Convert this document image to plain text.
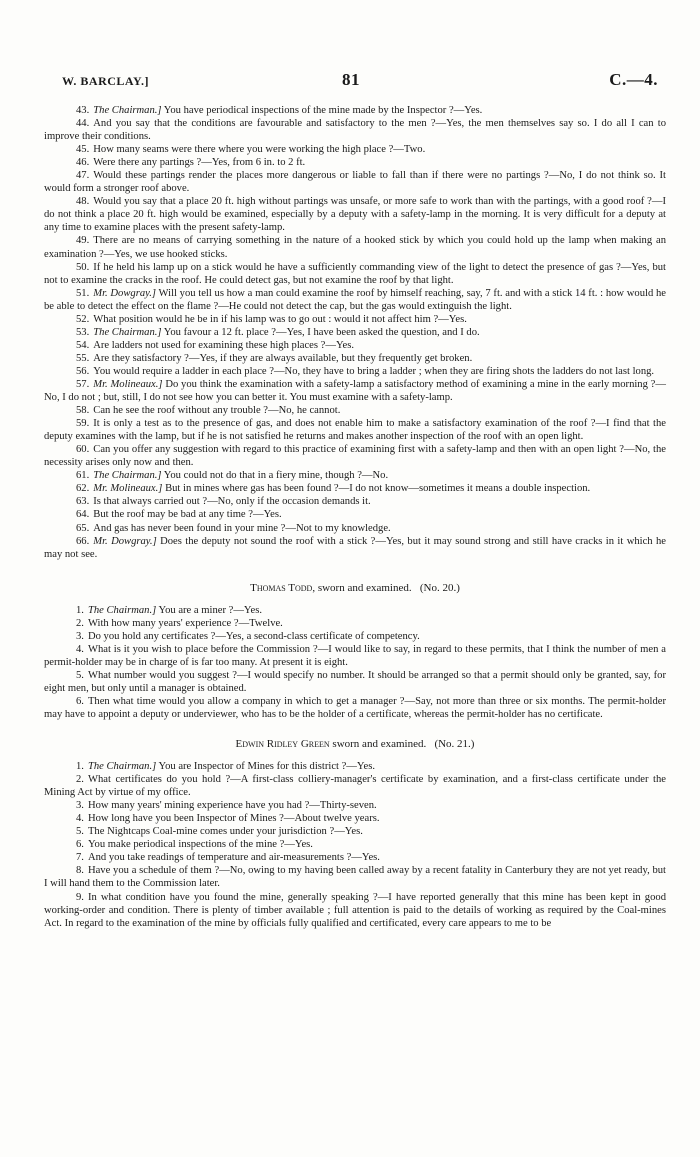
W. BARCLAY.]	81	C.—4.

43. The Chairman.] You have periodical inspections of the mine made by the Inspector ?—Yes.

44. And you say that the conditions are favourable and satisfactory to the men ?—Yes, the men themselves say so. I do all I can to improve their conditions.

45. How many seams were there where you were working the high place ?—Two.

46. Were there any partings ?—Yes, from 6 in. to 2 ft.

47. Would these partings render the places more dangerous or liable to fall than if there were no partings ?—No, I do not think so. It would form a stronger roof above.

48. Would you say that a place 20 ft. high without partings was unsafe, or more safe to work than with the partings, with a good roof ?—I do not think a place 20 ft. high would be examined, especially by a deputy with a safety-lamp in the morning. It is very difficult for a deputy at any time to examine places with the present safety-lamp.

49. There are no means of carrying something in the nature of a hooked stick by which you could hold up the lamp when making an examination ?—Yes, we use hooked sticks.

50. If he held his lamp up on a stick would he have a sufficiently commanding view of the light to detect the presence of gas ?—Yes, but not to examine the cracks in the roof. He could detect gas, but not examine the roof by that light.

51. Mr. Dowgray.] Will you tell us how a man could examine the roof by himself reaching, say, 7 ft. and with a stick 14 ft. : how would he be able to detect the effect on the flame ?—He could not detect the cap, but the gas would extinguish the light.

52. What position would he be in if his lamp was to go out : would it not affect him ?—Yes.

53. The Chairman.] You favour a 12 ft. place ?—Yes, I have been asked the question, and I do.

54. Are ladders not used for examining these high places ?—Yes.

55. Are they satisfactory ?—Yes, if they are always available, but they frequently get broken.

56. You would require a ladder in each place ?—No, they have to bring a ladder ; when they are firing shots the ladders do not last long.

57. Mr. Molineaux.] Do you think the examination with a safety-lamp a satisfactory method of examining a mine in the early morning ?—No, I do not ; but, still, I do not see how you can better it. You must examine with a safety-lamp.

58. Can he see the roof without any trouble ?—No, he cannot.

59. It is only a test as to the presence of gas, and does not enable him to make a satisfactory examination of the roof ?—I find that the deputy examines with the lamp, but if he is not satisfied he returns and makes another inspection of the roof with an open light.

60. Can you offer any suggestion with regard to this practice of examining first with a safety-lamp and then with an open light ?—No, the necessity arises only now and then.

61. The Chairman.] You could not do that in a fiery mine, though ?—No.

62. Mr. Molineaux.] But in mines where gas has been found ?—I do not know—sometimes it means a double inspection.

63. Is that always carried out ?—No, only if the occasion demands it.

64. But the roof may be bad at any time ?—Yes.

65. And gas has never been found in your mine ?—Not to my knowledge.

66. Mr. Dowgray.] Does the deputy not sound the roof with a stick ?—Yes, but it may sound strong and still have cracks in it which he may not see.

Thomas Todd, sworn and examined. (No. 20.)

1. The Chairman.] You are a miner ?—Yes.

2. With how many years' experience ?—Twelve.

3. Do you hold any certificates ?—Yes, a second-class certificate of competency.

4. What is it you wish to place before the Commission ?—I would like to say, in regard to these permits, that I think the number of men a permit-holder may be in charge of is far too many. At present it is eight.

5. What number would you suggest ?—I would specify no number. It should be arranged so that a permit should only be granted, say, for eight men, but only until a manager is obtained.

6. Then what time would you allow a company in which to get a manager ?—Say, not more than three or six months. The permit-holder may have to appoint a deputy or underviewer, who has to be the holder of a certificate, whereas the permit-holder has no certificate.

Edwin Ridley Green sworn and examined. (No. 21.)

1. The Chairman.] You are Inspector of Mines for this district ?—Yes.

2. What certificates do you hold ?—A first-class colliery-manager's certificate by examination, and a first-class certificate under the Mining Act by virtue of my office.

3. How many years' mining experience have you had ?—Thirty-seven.

4. How long have you been Inspector of Mines ?—About twelve years.

5. The Nightcaps Coal-mine comes under your jurisdiction ?—Yes.

6. You make periodical inspections of the mine ?—Yes.

7. And you take readings of temperature and air-measurements ?—Yes.

8. Have you a schedule of them ?—No, owing to my having been called away by a recent fatality in Canterbury they are not yet ready, but I will hand them to the Commission later.

9. In what condition have you found the mine, generally speaking ?—I have reported generally that this mine has been kept in good working-order and condition. There is plenty of timber available ; full attention is paid to the details of working as required by the Coal-mines Act. In regard to the examination of the mine by officials fully qualified and certificated, every care appears to me to be
